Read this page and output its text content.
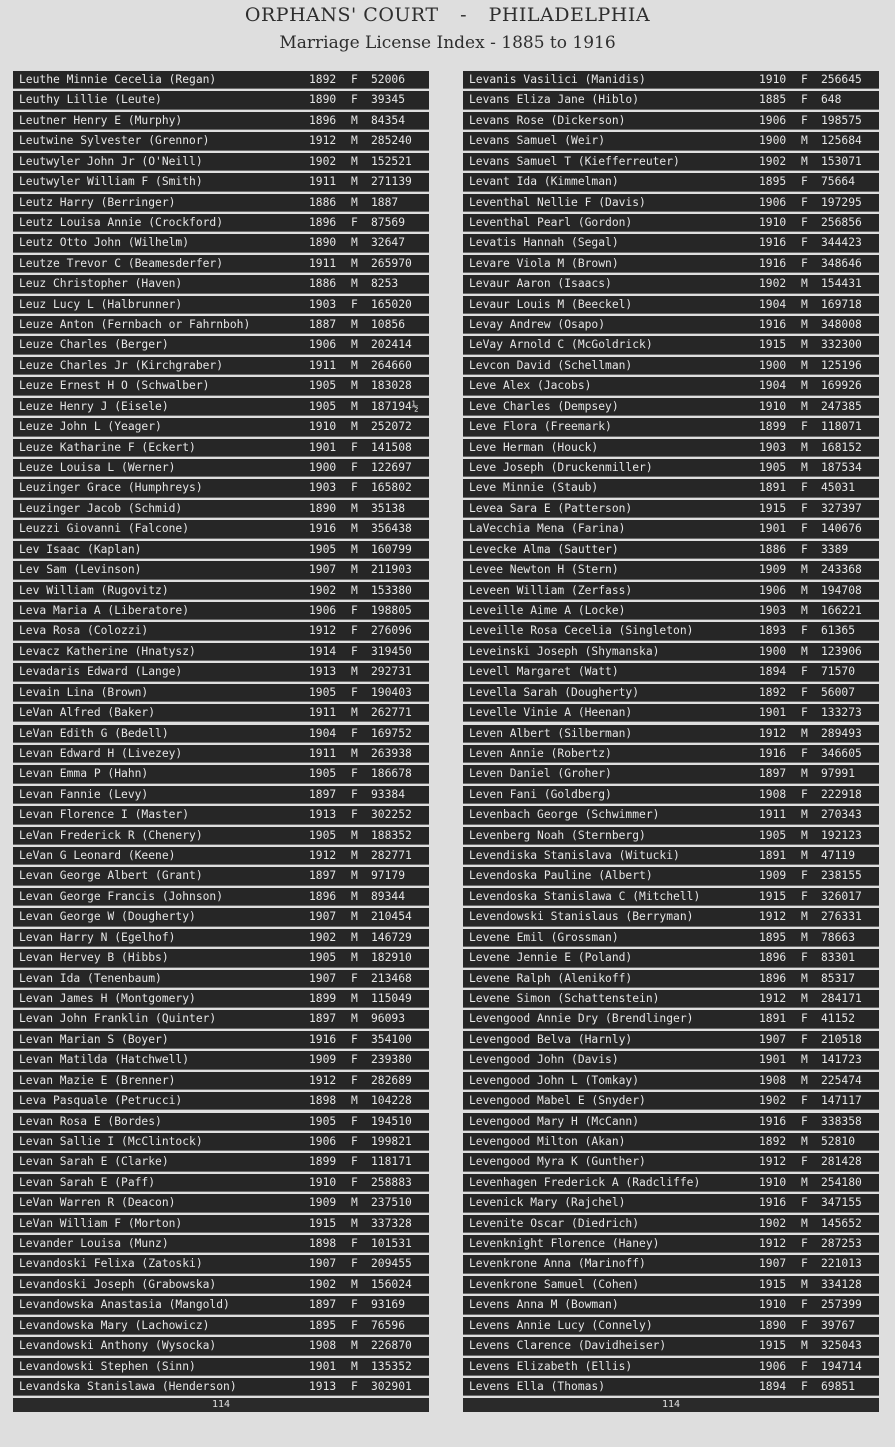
ORPHANS' COURT - PHILADELPHIA
Marriage License Index - 1885 to 1916
Leuthe Minnie Cecelia (Regan)	1892 F 52006
Leuthy Lillie (Leute)	1890 F 39345
Leutner Henry E (Murphy)	1896 M 84354
Leutwine Sylvester (Grennor)	1912 M 285240
Leutwyler John Jr (O'Neill)	1902 M 152521
Leutwyler William F (Smith)	1911 M 271139
Leutz Harry (Berringer)	1886 M 1887
Leutz Louisa Annie (Crockford)	1896 F 87569
Leutz Otto John (Wilhelm)	1890 M 32647
Leutze Trevor C (Beamesderfer)	1911 M 265970
Leuz Christopher (Haven)	1886 M 8253
Leuz Lucy L (Halbrunner)	1903 F 165020
Leuze Anton (Fernbach or Fahrnboh)	1887 M 10856
Leuze Charles (Berger)	1906 M 202414
Leuze Charles Jr (Kirchgraber)	1911 M 264660
Leuze Ernest H O (Schwalber)	1905 M 183028
Leuze Henry J (Eisele)	1905 M 187194½
Leuze John L (Yeager)	1910 M 252072
Leuze Katharine F (Eckert)	1901 F 141508
Leuze Louisa L (Werner)	1900 F 122697
Leuzinger Grace (Humphreys)	1903 F 165802
Leuzinger Jacob (Schmid)	1890 M 35138
Leuzzi Giovanni (Falcone)	1916 M 356438
Lev Isaac (Kaplan)	1905 M 160799
Lev Sam (Levinson)	1907 M 211903
Lev William (Rugovitz)	1902 M 153380
Leva Maria A (Liberatore)	1906 F 198805
Leva Rosa (Colozzi)	1912 F 276096
Levacz Katherine (Hnatysz)	1914 F 319450
Levadaris Edward (Lange)	1913 M 292731
Levain Lina (Brown)	1905 F 190403
LeVan Alfred (Baker)	1911 M 262771
LeVan Edith G (Bedell)	1904 F 169752
Levan Edward H (Livezey)	1911 M 263938
Levan Emma P (Hahn)	1905 F 186678
Levan Fannie (Levy)	1897 F 93384
Levan Florence I (Master)	1913 F 302252
LeVan Frederick R (Chenery)	1905 M 188352
LeVan G Leonard (Keene)	1912 M 282771
Levan George Albert (Grant)	1897 M 97179
Levan George Francis (Johnson)	1896 M 89344
Levan George W (Dougherty)	1907 M 210454
Levan Harry N (Egelhof)	1902 M 146729
Levan Hervey B (Hibbs)	1905 M 182910
Levan Ida (Tenenbaum)	1907 F 213468
Levan James H (Montgomery)	1899 M 115049
Levan John Franklin (Quinter)	1897 M 96093
Levan Marian S (Boyer)	1916 F 354100
Levan Matilda (Hatchwell)	1909 F 239380
Levan Mazie E (Brenner)	1912 F 282689
Leva Pasquale (Petrucci)	1898 M 104228
Levan Rosa E (Bordes)	1905 F 194510
Levan Sallie I (McClintock)	1906 F 199821
Levan Sarah E (Clarke)	1899 F 118171
Levan Sarah E (Paff)	1910 F 258883
LeVan Warren R (Deacon)	1909 M 237510
LeVan William F (Morton)	1915 M 337328
Levander Louisa (Munz)	1898 F 101531
Levandoski Felixa (Zatoski)	1907 F 209455
Levandoski Joseph (Grabowska)	1902 M 156024
Levandowska Anastasia (Mangold)	1897 F 93169
Levandowska Mary (Lachowicz)	1895 F 76596
Levandowski Anthony (Wysocka)	1908 M 226870
Levandowski Stephen (Sinn)	1901 M 135352
Levandska Stanislawa (Henderson)	1913 F 302901
114
Levanis Vasilici (Manidis)	1910 F 256645
Levans Eliza Jane (Hiblo)	1885 F 648
Levans Rose (Dickerson)	1906 F 198575
Levans Samuel (Weir)	1900 M 125684
Levans Samuel T (Kiefferreuter)	1902 M 153071
Levant Ida (Kimmelman)	1895 F 75664
Leventhal Nellie F (Davis)	1906 F 197295
Leventhal Pearl (Gordon)	1910 F 256856
Levatis Hannah (Segal)	1916 F 344423
Levare Viola M (Brown)	1916 F 348646
Levaur Aaron (Isaacs)	1902 M 154431
Levaur Louis M (Beeckel)	1904 M 169718
Levay Andrew (Osapo)	1916 M 348008
LeVay Arnold C (McGoldrick)	1915 M 332300
Levcon David (Schellman)	1900 M 125196
Leve Alex (Jacobs)	1904 M 169926
Leve Charles (Dempsey)	1910 M 247385
Leve Flora (Freemark)	1899 F 118071
Leve Herman (Houck)	1903 M 168152
Leve Joseph (Druckenmiller)	1905 M 187534
Leve Minnie (Staub)	1891 F 45031
Levea Sara E (Patterson)	1915 F 327397
LaVecchia Mena (Farina)	1901 F 140676
Levecke Alma (Sautter)	1886 F 3389
Levee Newton H (Stern)	1909 M 243368
Leveen William (Zerfass)	1906 M 194708
Leveille Aime A (Locke)	1903 M 166221
Leveille Rosa Cecelia (Singleton)	1893 F 61365
Leveinski Joseph (Shymanska)	1900 M 123906
Levell Margaret (Watt)	1894 F 71570
Levella Sarah (Dougherty)	1892 F 56007
Levelle Vinie A (Heenan)	1901 F 133273
Leven Albert (Silberman)	1912 M 289493
Leven Annie (Robertz)	1916 F 346605
Leven Daniel (Groher)	1897 M 97991
Leven Fani (Goldberg)	1908 F 222918
Levenbach George (Schwimmer)	1911 M 270343
Levenberg Noah (Sternberg)	1905 M 192123
Levendiska Stanislava (Witucki)	1891 M 47119
Levendoska Pauline (Albert)	1909 F 238155
Levendoska Stanislawa C (Mitchell)	1915 F 326017
Levendowski Stanislaus (Berryman)	1912 M 276331
Levene Emil (Grossman)	1895 M 78663
Levene Jennie E (Poland)	1896 F 83301
Levene Ralph (Alenikoff)	1896 M 85317
Levene Simon (Schattenstein)	1912 M 284171
Levengood Annie Dry (Brendlinger)	1891 F 41152
Levengood Belva (Harnly)	1907 F 210518
Levengood John (Davis)	1901 M 141723
Levengood John L (Tomkay)	1908 M 225474
Levengood Mabel E (Snyder)	1902 F 147117
Levengood Mary H (McCann)	1916 F 338358
Levengood Milton (Akan)	1892 M 52810
Levengood Myra K (Gunther)	1912 F 281428
Levenhagen Frederick A (Radcliffe)	1910 M 254180
Levenick Mary (Rajchel)	1916 F 347155
Levenite Oscar (Diedrich)	1902 M 145652
Levenknight Florence (Haney)	1912 F 287253
Levenkrone Anna (Marinoff)	1907 F 221013
Levenkrone Samuel (Cohen)	1915 M 334128
Levens Anna M (Bowman)	1910 F 257399
Levens Annie Lucy (Connely)	1890 F 39767
Levens Clarence (Davidheiser)	1915 M 325043
Levens Elizabeth (Ellis)	1906 F 194714
Levens Ella (Thomas)	1894 F 69851
114
